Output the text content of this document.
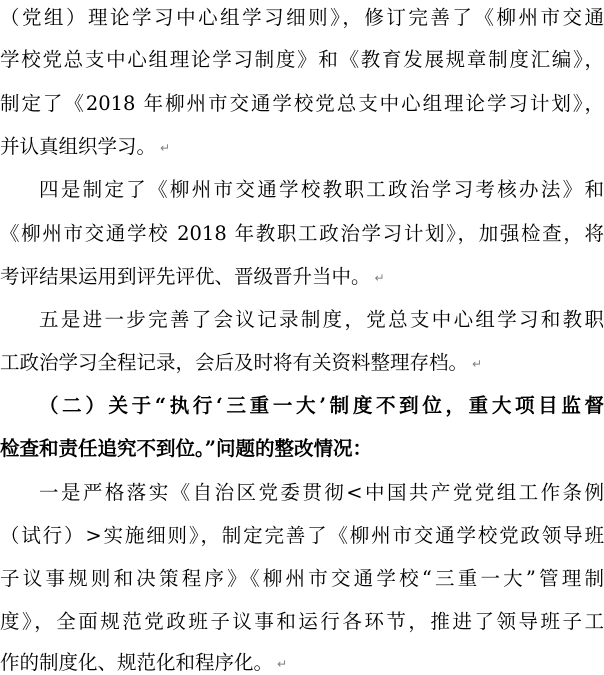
（党组）理论学习中心组学习细则》，修订完善了《柳州市交通
学校党总支中心组理论学习制度》和《教育发展规章制度汇编》，
制定了《2018 年柳州市交通学校党总支中心组理论学习计划》，
并认真组织学习。 ↵
四是制定了《柳州市交通学校教职工政治学习考核办法》和
《柳州市交通学校 2018 年教职工政治学习计划》，加强检查，将
考评结果运用到评先评优、晋级晋升当中。 ↵
五是进一步完善了会议记录制度，党总支中心组学习和教职
工政治学习全程记录，会后及时将有关资料整理存档。 ↵
（二）关于“执行‘三重一大’制度不到位，重大项目监督
检查和责任追究不到位。”问题的整改情况：
一是严格落实《自治区党委贯彻<中国共产党党组工作条例
（试行）>实施细则》，制定完善了《柳州市交通学校党政领导班
子议事规则和决策程序》《柳州市交通学校“三重一大”管理制
度》，全面规范党政班子议事和运行各环节，推进了领导班子工
作的制度化、规范化和程序化。 ↵
